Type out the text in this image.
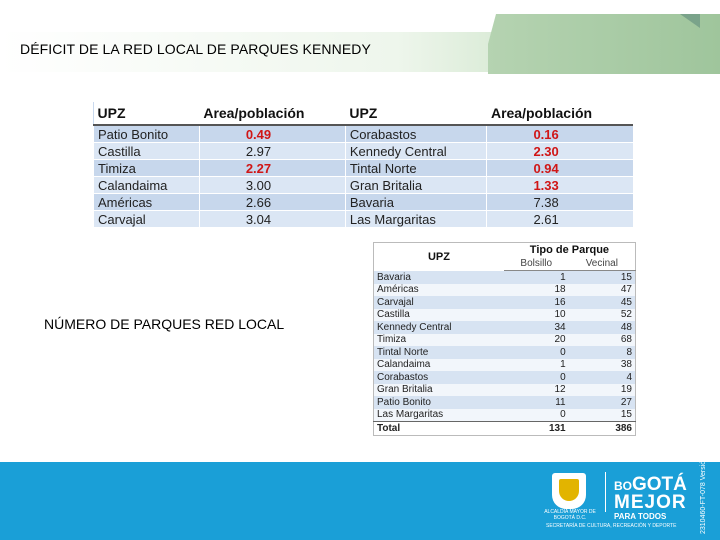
DÉFICIT DE LA RED LOCAL DE PARQUES KENNEDY
UPZ	Area/población	UPZ	Area/población
Patio Bonito	0.49	Corabastos	0.16
Castilla	2.97	Kennedy Central	2.30
Timiza	2.27	Tintal Norte	0.94
Calandaima	3.00	Gran Britalia	1.33
Américas	2.66	Bavaria	7.38
Carvajal	3.04	Las Margaritas	2.61
NÚMERO DE PARQUES RED LOCAL
UPZ	Tipo de Parque	
	Bolsillo	Vecinal
Bavaria	1	15
Américas	18	47
Carvajal	16	45
Castilla	10	52
Kennedy Central	34	48
Timiza	20	68
Tintal Norte	0	8
Calandaima	1	38
Corabastos	0	4
Gran Britalia	12	19
Patio Bonito	11	27
Las Margaritas	0	15
Total	131	386
ALCALDÍA MAYOR DE BOGOTÁ D.C.
BOGOTÁ
MEJOR
PARA TODOS
SECRETARÍA DE CULTURA, RECREACIÓN Y DEPORTE	2310460-FT-078 Versión 1
